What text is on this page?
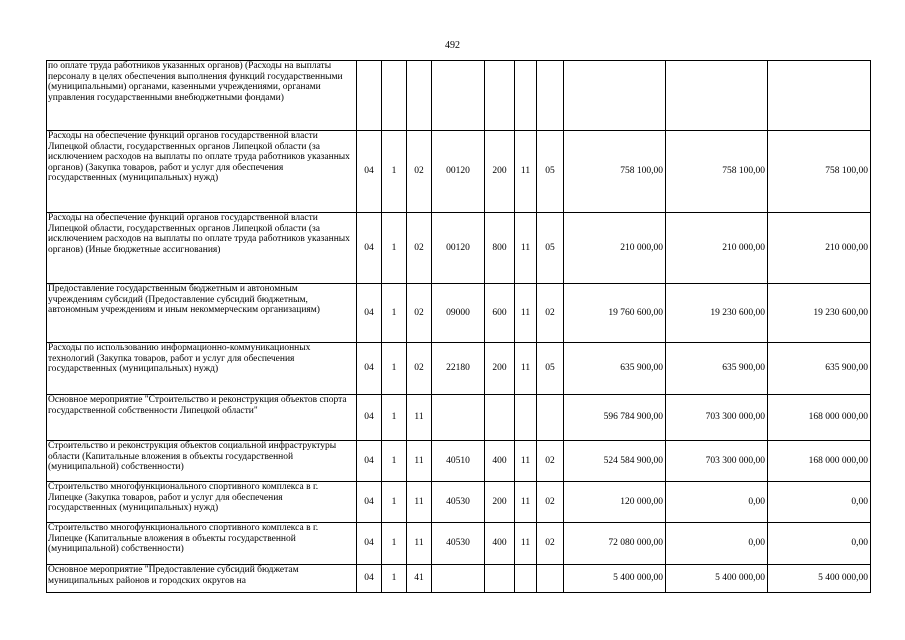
492
по оплате труда работников указанных органов) (Расходы на выплаты персоналу в целях обеспечения выполнения функций государственными (муниципальными) органами, казенными учреждениями, органами управления государственными внебюджетными фондами)										
Расходы на обеспечение функций органов государственной власти Липецкой области, государственных органов Липецкой области (за исключением расходов на выплаты по оплате труда работников указанных органов) (Закупка товаров, работ и услуг для обеспечения государственных (муниципальных) нужд)	04	1	02	00120	200	11	05	758 100,00	758 100,00	758 100,00
Расходы на обеспечение функций органов государственной власти Липецкой области, государственных органов Липецкой области (за исключением расходов на выплаты по оплате труда работников указанных органов) (Иные бюджетные ассигнования)	04	1	02	00120	800	11	05	210 000,00	210 000,00	210 000,00
Предоставление государственным бюджетным и автономным учреждениям субсидий (Предоставление субсидий бюджетным, автономным учреждениям и иным некоммерческим организациям)	04	1	02	09000	600	11	02	19 760 600,00	19 230 600,00	19 230 600,00
Расходы по использованию информационно-коммуникационных технологий (Закупка товаров, работ и услуг для обеспечения государственных (муниципальных) нужд)	04	1	02	22180	200	11	05	635 900,00	635 900,00	635 900,00
Основное мероприятие "Строительство и реконструкция объектов спорта государственной собственности Липецкой области"	04	1	11					596 784 900,00	703 300 000,00	168 000 000,00
Строительство и реконструкция объектов социальной инфраструктуры области (Капитальные вложения в объекты государственной (муниципальной) собственности)	04	1	11	40510	400	11	02	524 584 900,00	703 300 000,00	168 000 000,00
Строительство многофункционального спортивного комплекса в г. Липецке (Закупка товаров, работ и услуг для обеспечения государственных (муниципальных) нужд)	04	1	11	40530	200	11	02	120 000,00	0,00	0,00
Строительство многофункционального спортивного комплекса в г. Липецке (Капитальные вложения в объекты государственной (муниципальной) собственности)	04	1	11	40530	400	11	02	72 080 000,00	0,00	0,00
Основное мероприятие "Предоставление субсидий бюджетам муниципальных районов и городских округов на	04	1	41					5 400 000,00	5 400 000,00	5 400 000,00
